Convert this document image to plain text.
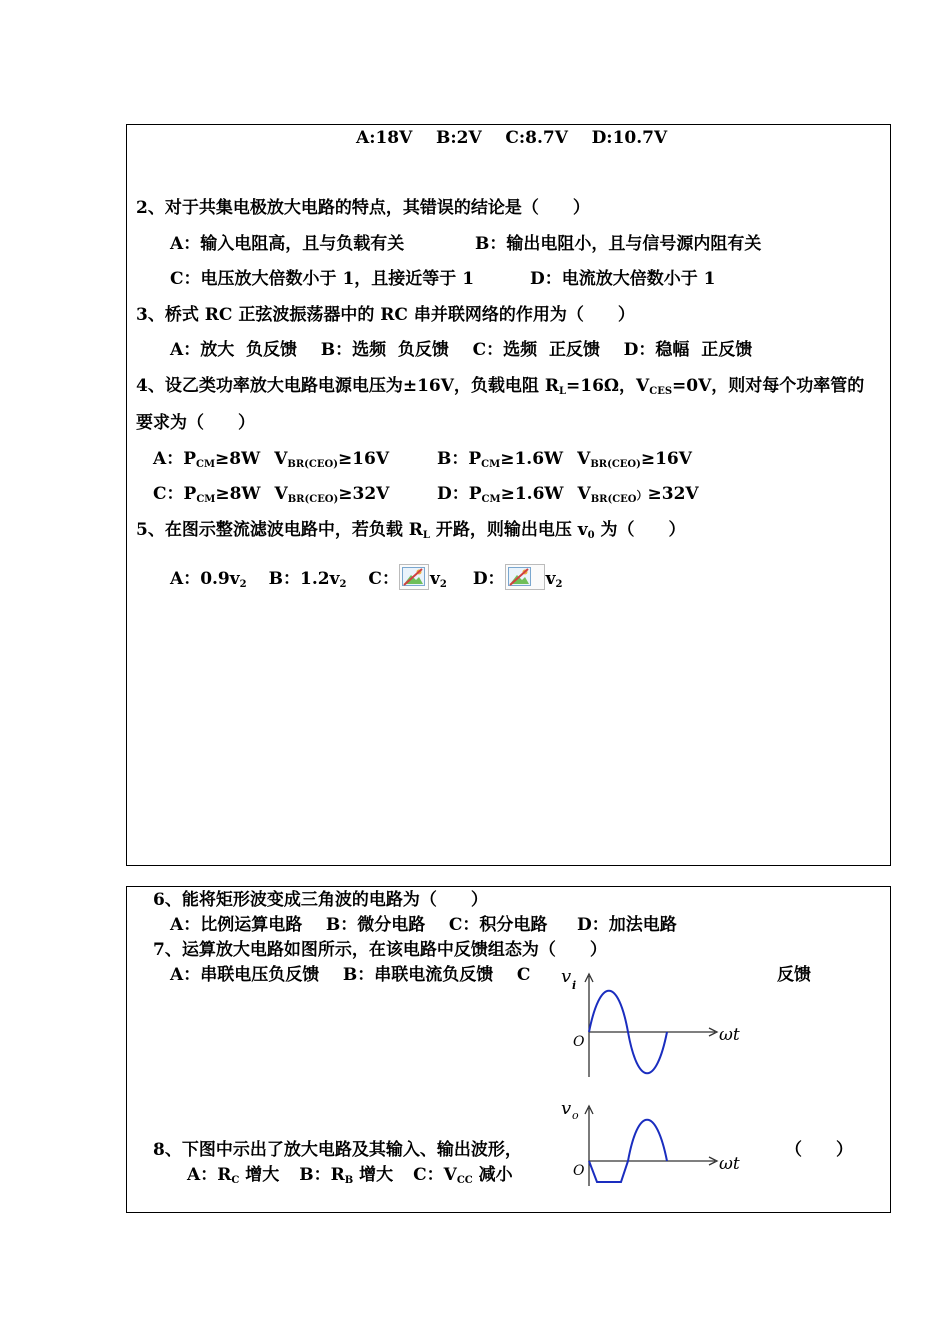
A:18V    B:2V    C:8.7V    D:10.7V
2、对于共集电极放大电路的特点，其错误的结论是（　　）
A：输入电阻高，且与负载有关	B：输出电阻小，且与信号源内阻有关
C：电压放大倍数小于 1，且接近等于 1	D：电流放大倍数小于 1
3、桥式 RC 正弦波振荡器中的 RC 串并联网络的作用为（　　）
A：放大  负反馈    B：选频  负反馈    C：选频  正反馈    D：稳幅  正反馈
4、设乙类功率放大电路电源电压为±16V，负载电阻 $R_L=16\Omega$，$V_{CES}=0V$，则对每个功率管的
要求为（　　）
A：$P_{CM}\ge 8W$ $V_{BR(CEO)}\ge 16V$	B：$P_{CM}\ge 1.6W$ $V_{BR(CEO)}\ge 16V$
C：$P_{CM}\ge 8W$ $V_{BR(CEO)}\ge 32V$	D：$P_{CM}\ge 1.6W$ $V_{BR(CEO})\ge 32V$
5、在图示整流滤波电路中，若负载 $R_L$ 开路，则输出电压 $v_0$ 为（　　）
A：$0.9v_2$ B：$1.2v_2$ C： $v_2$ D： $v_2$
6、能将矩形波变成三角波的电路为（　　）
A：比例运算电路    B：微分电路    C：积分电路     D：加法电路
7、运算放大电路如图所示，在该电路中反馈组态为（　　）
A：串联电压负反馈    B：串联电流负反馈    C	反馈
8、下图中示出了放大电路及其输入、输出波形，	（　　）
A：$R_C$ 增大 B：$R_B$ 增大 C：$V_{CC}$ 减小
v i
O	ωt
v o
O	ωt
